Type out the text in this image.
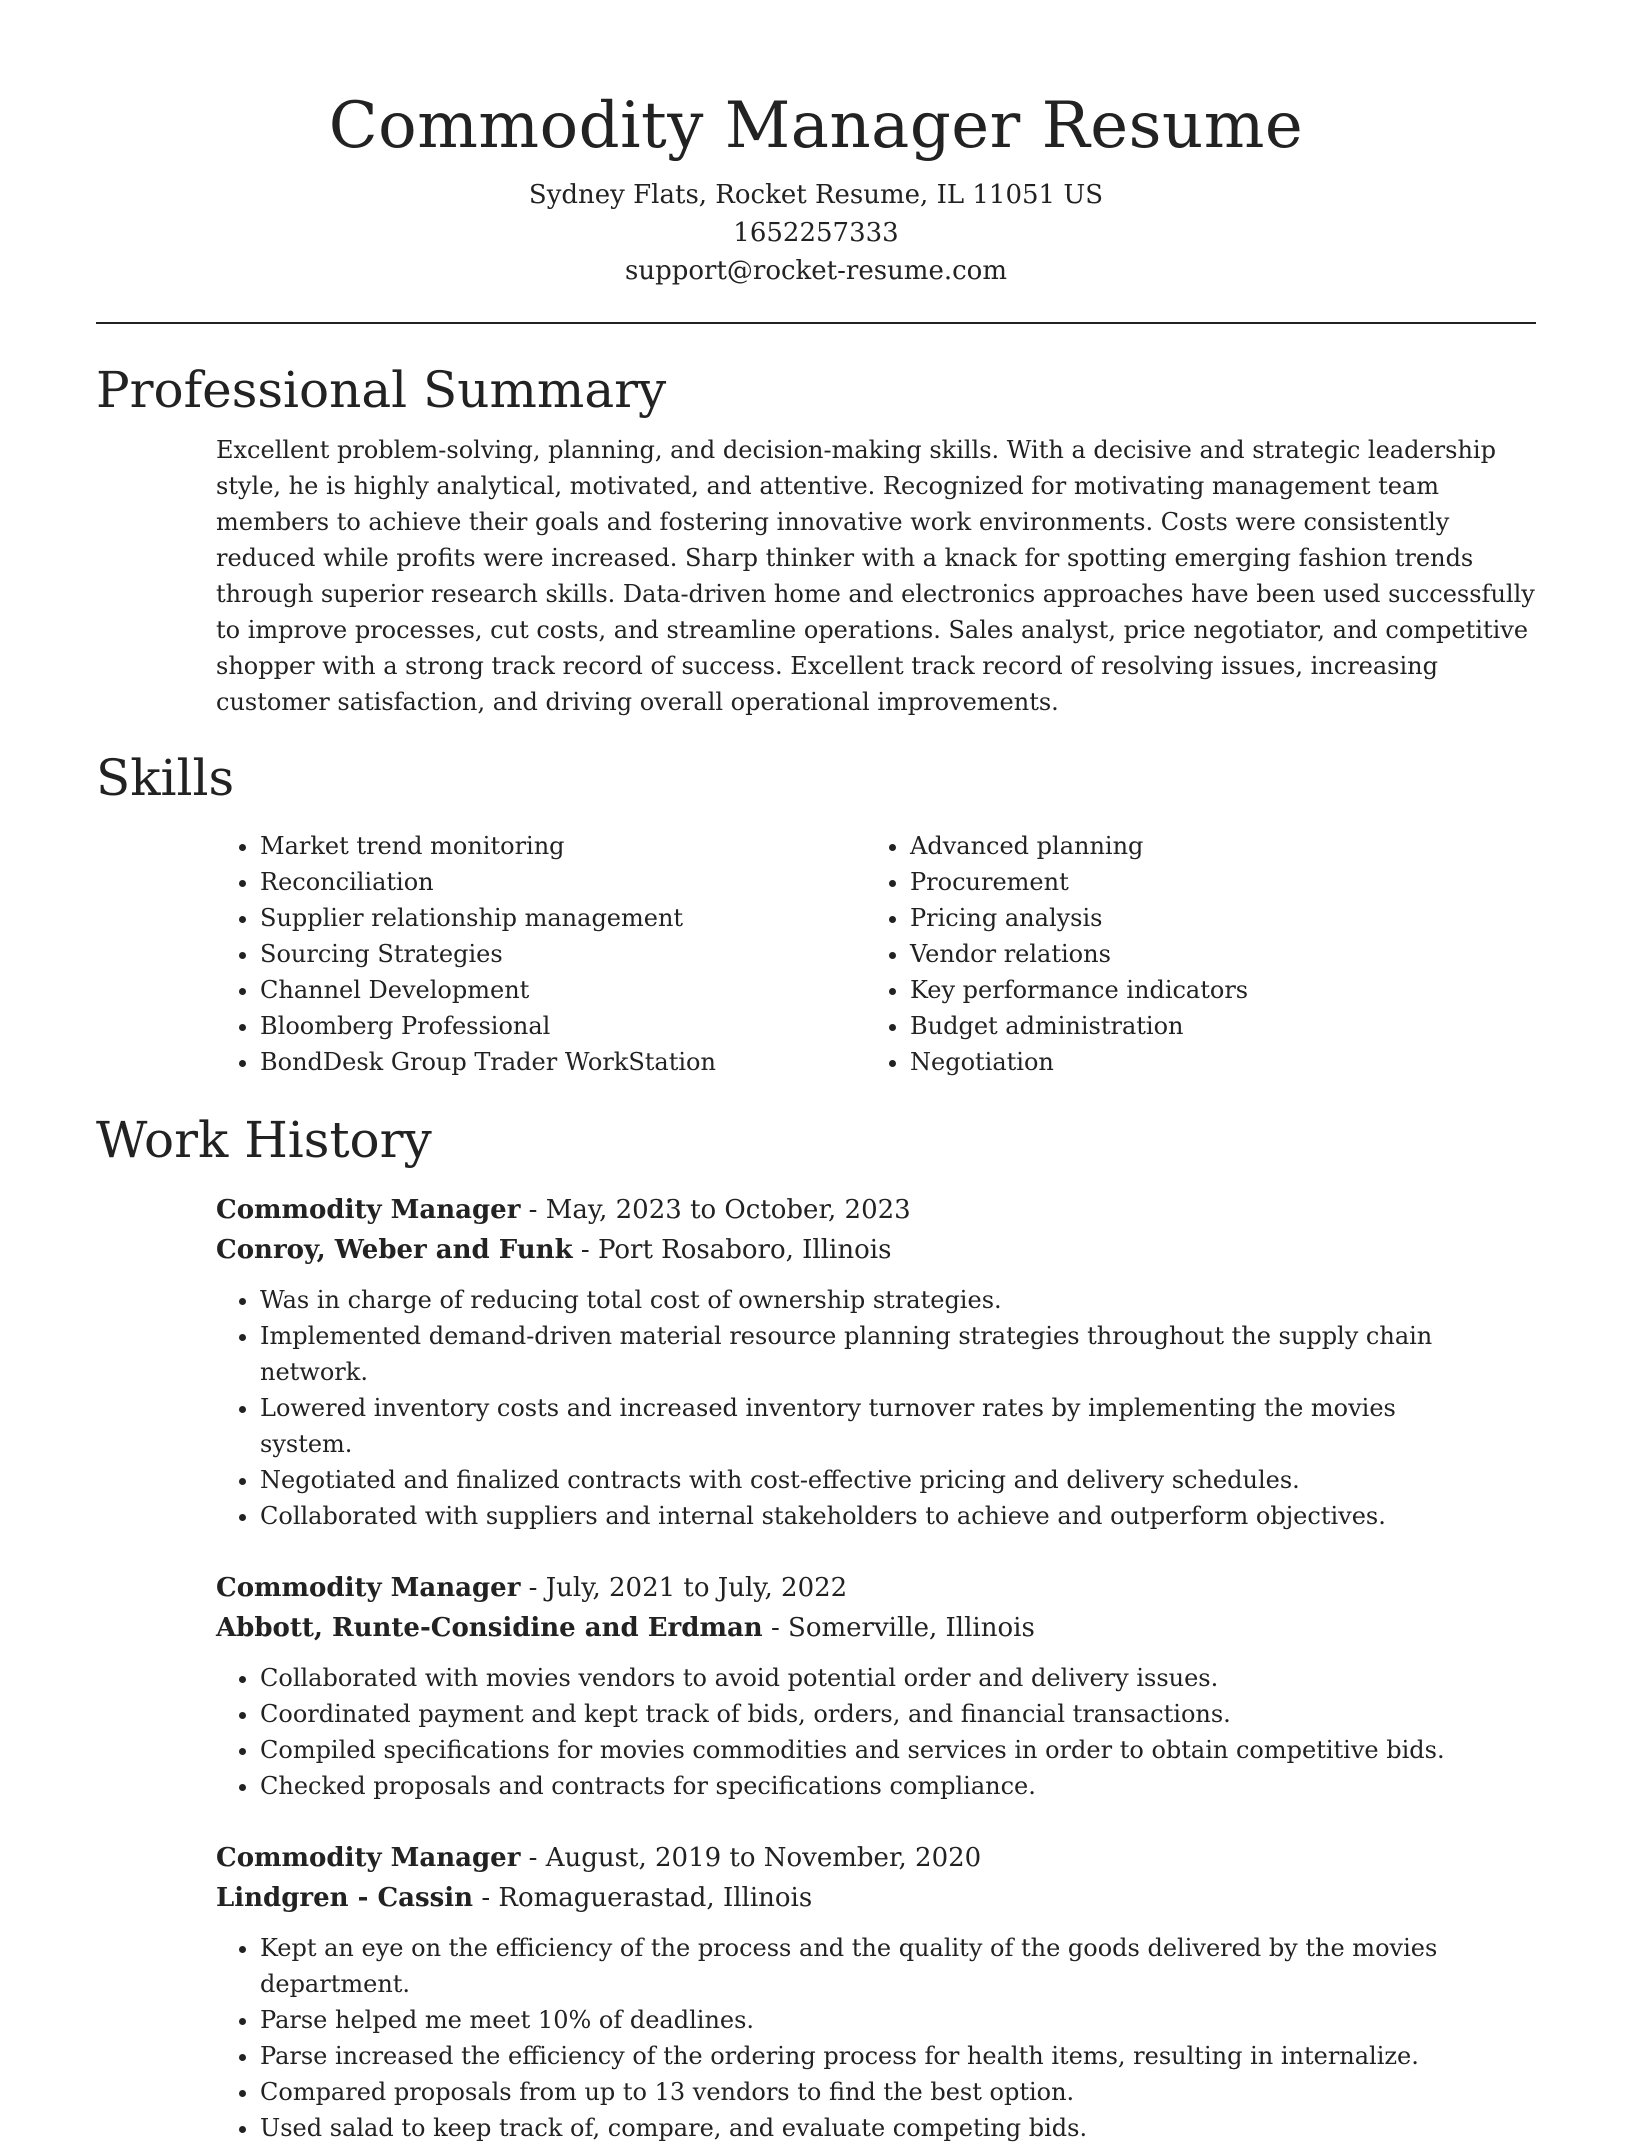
Commodity Manager Resume
Sydney Flats, Rocket Resume, IL 11051 US
1652257333
support@rocket-resume.com
Professional Summary

Excellent problem-solving, planning, and decision-making skills. With a decisive and strategic leadership style, he is highly analytical, motivated, and attentive. Recognized for motivating management team members to achieve their goals and fostering innovative work environments. Costs were consistently reduced while profits were increased. Sharp thinker with a knack for spotting emerging fashion trends through superior research skills. Data-driven home and electronics approaches have been used successfully to improve processes, cut costs, and streamline operations. Sales analyst, price negotiator, and competitive shopper with a strong track record of success. Excellent track record of resolving issues, increasing customer satisfaction, and driving overall operational improvements.

Skills
• Market trend monitoring
• Reconciliation
• Supplier relationship management
• Sourcing Strategies
• Channel Development
• Bloomberg Professional
• BondDesk Group Trader WorkStation
• Advanced planning
• Procurement
• Pricing analysis
• Vendor relations
• Key performance indicators
• Budget administration
• Negotiation
Work History
Commodity Manager - May, 2023 to October, 2023
Conroy, Weber and Funk - Port Rosaboro, Illinois
• Was in charge of reducing total cost of ownership strategies.
• Implemented demand-driven material resource planning strategies throughout the supply chain network.
• Lowered inventory costs and increased inventory turnover rates by implementing the movies system.
• Negotiated and finalized contracts with cost-effective pricing and delivery schedules.
• Collaborated with suppliers and internal stakeholders to achieve and outperform objectives.
Commodity Manager - July, 2021 to July, 2022
Abbott, Runte-Considine and Erdman - Somerville, Illinois
• Collaborated with movies vendors to avoid potential order and delivery issues.
• Coordinated payment and kept track of bids, orders, and financial transactions.
• Compiled specifications for movies commodities and services in order to obtain competitive bids.
• Checked proposals and contracts for specifications compliance.
Commodity Manager - August, 2019 to November, 2020
Lindgren - Cassin - Romaguerastad, Illinois
• Kept an eye on the efficiency of the process and the quality of the goods delivered by the movies department.
• Parse helped me meet 10% of deadlines.
• Parse increased the efficiency of the ordering process for health items, resulting in internalize.
• Compared proposals from up to 13 vendors to find the best option.
• Used salad to keep track of, compare, and evaluate competing bids.
